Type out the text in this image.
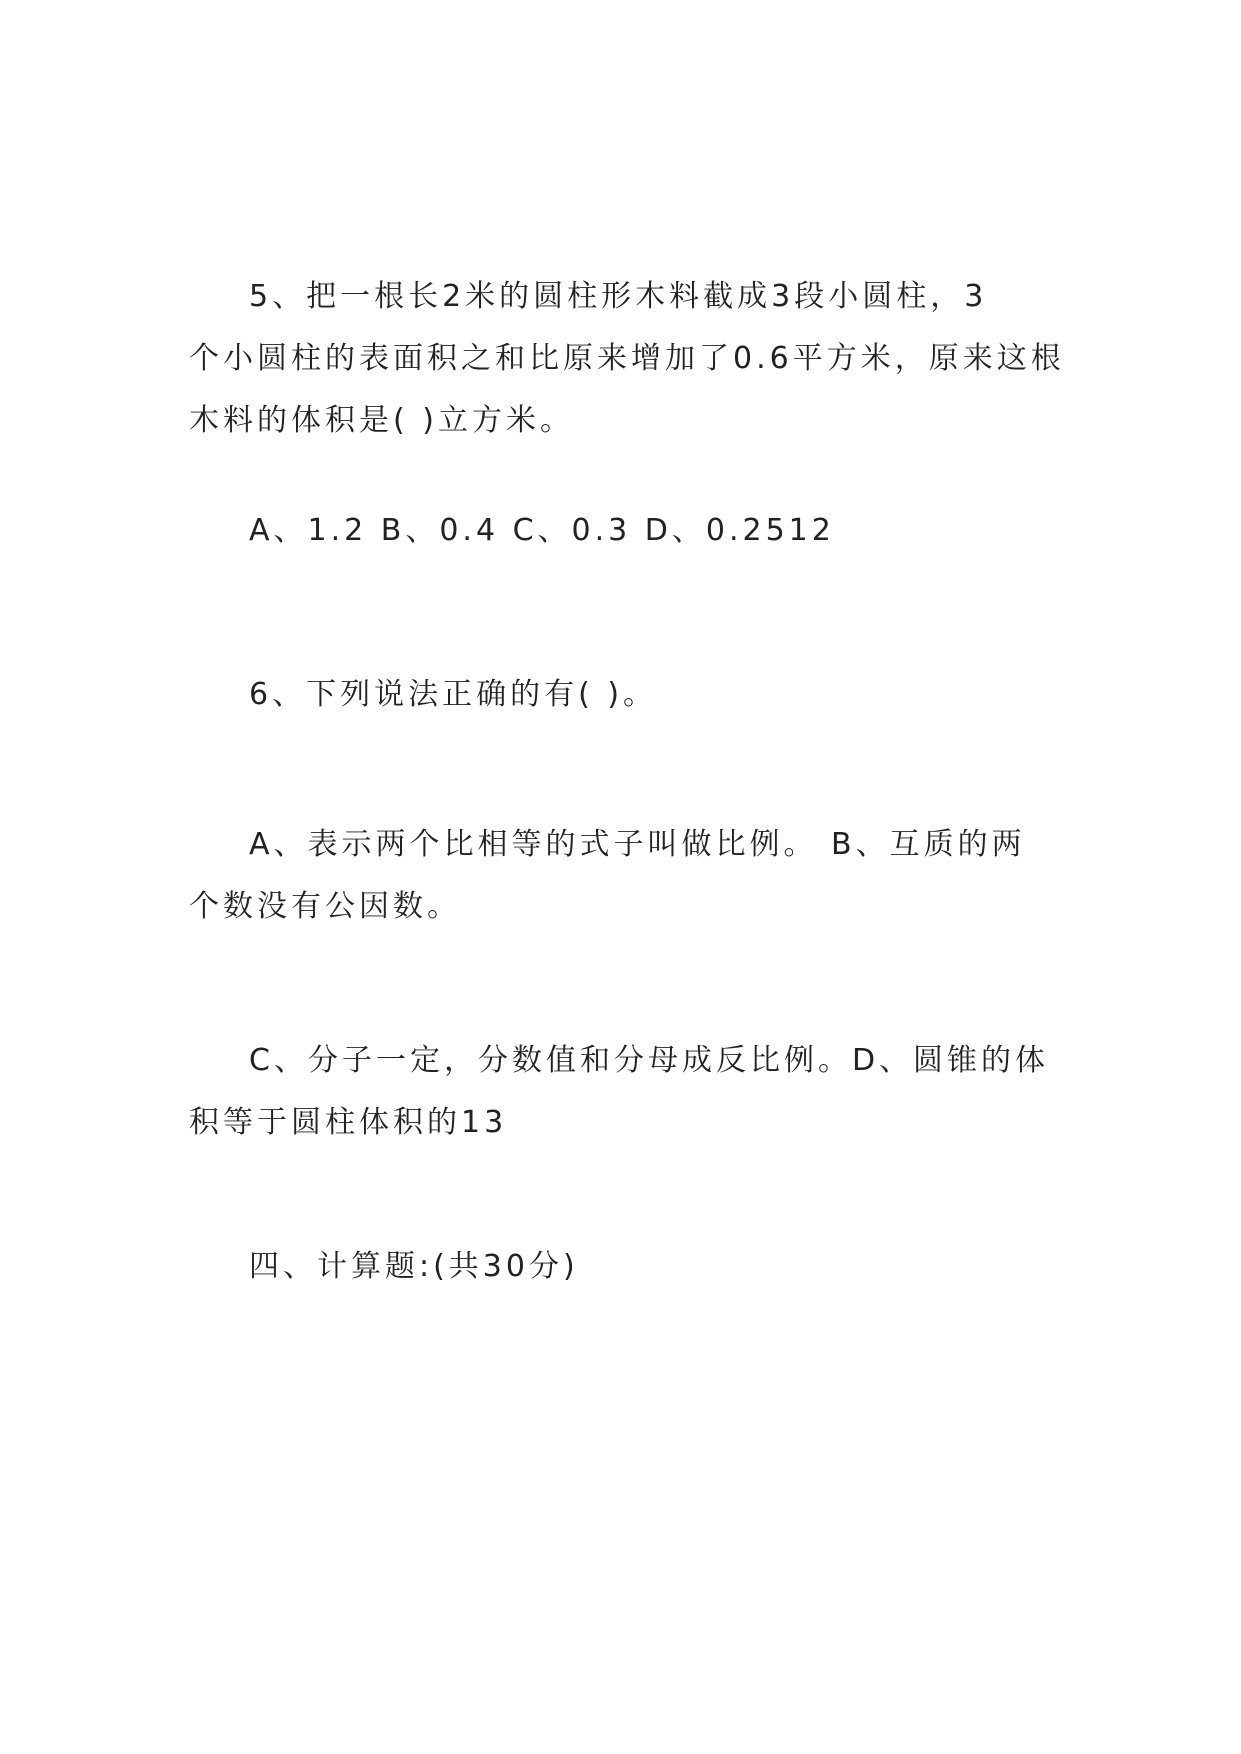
5、把一根长2米的圆柱形木料截成3段小圆柱，3
个小圆柱的表面积之和比原来增加了0.6平方米，原来这根
木料的体积是( )立方米。

A、1.2 B、0.4 C、0.3 D、0.2512

6、下列说法正确的有( )。

A、表示两个比相等的式子叫做比例。 B、互质的两
个数没有公因数。

C、分子一定，分数值和分母成反比例。D、圆锥的体
积等于圆柱体积的13

四、计算题:(共30分)
